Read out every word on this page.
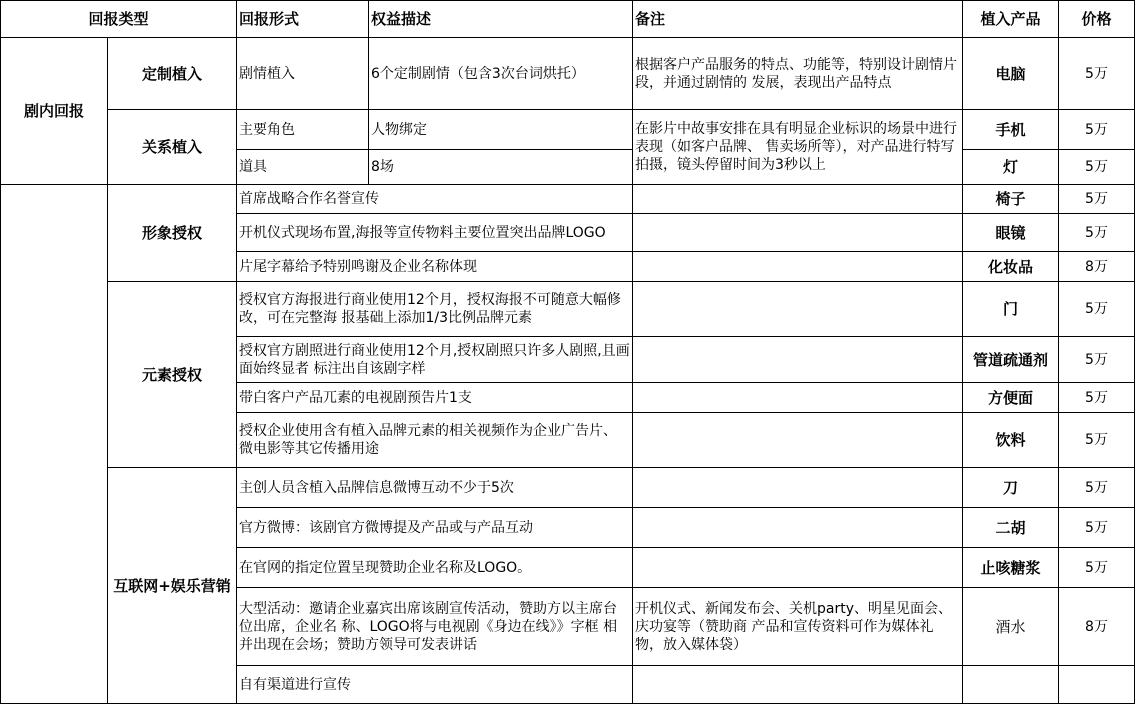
回报类型		回报形式	权益描述	备注	植入产品	价格
剧内回报	定制植入	剧情植入	6个定制剧情（包含3次台词烘托）	根据客户产品服务的特点、功能等，特别设计剧情片段，并通过剧情的 发展，表现出产品特点	电脑	5万
	关系植入	主要角色	人物绑定	在影片中故事安排在具有明显企业标识的场景中进行表现（如客户品牌、 售卖场所等），对产品进行特写拍摄，镜头停留时间为3秒以上	手机	5万
		道具	8场		灯	5万
	形象授权	首席战略合作名誉宣传			椅子	5万
		开机仪式现场布置,海报等宣传物料主要位置突出品牌LOGO			眼镜	5万
		片尾字幕给予特别鸣谢及企业名称体现			化妆品	8万
	元素授权	授权官方海报进行商业使用12个月，授权海报不可随意大幅修改，可在完整海 报基础上添加1/3比例品牌元素			门	5万
		授权官方剧照进行商业使用12个月,授权剧照只许多人剧照,且画面始终显者 标注出自该剧字样			管道疏通剂	5万
		带白客户产品兀素的电视剧预告片1支			方便面	5万
		授权企业使用含有植入品牌元素的相关视频作为企业广告片、微电影等其它传播用途			饮料	5万
	互联网+娱乐营销	主创人员含植入品牌信息微博互动不少于5次			刀	5万
		官方微博：该剧官方微博提及产品或与产品互动			二胡	5万
		在官网的指定位置呈现赞助企业名称及LOGO。			止咳糖浆	5万
		大型活动：邀请企业嘉宾出席该剧宣传活动，赞助方以主席台位出席，企业名 称、LOGO将与电视剧《身边在线》》字框 相并出现在会场；赞助方领导可发表讲话		开机仪式、新闻发布会、关机party、明星见面会、庆功宴等（赞助商 产品和宣传资料可作为媒体礼物，放入媒体袋）	酒水	8万
		自有渠道进行宣传				
